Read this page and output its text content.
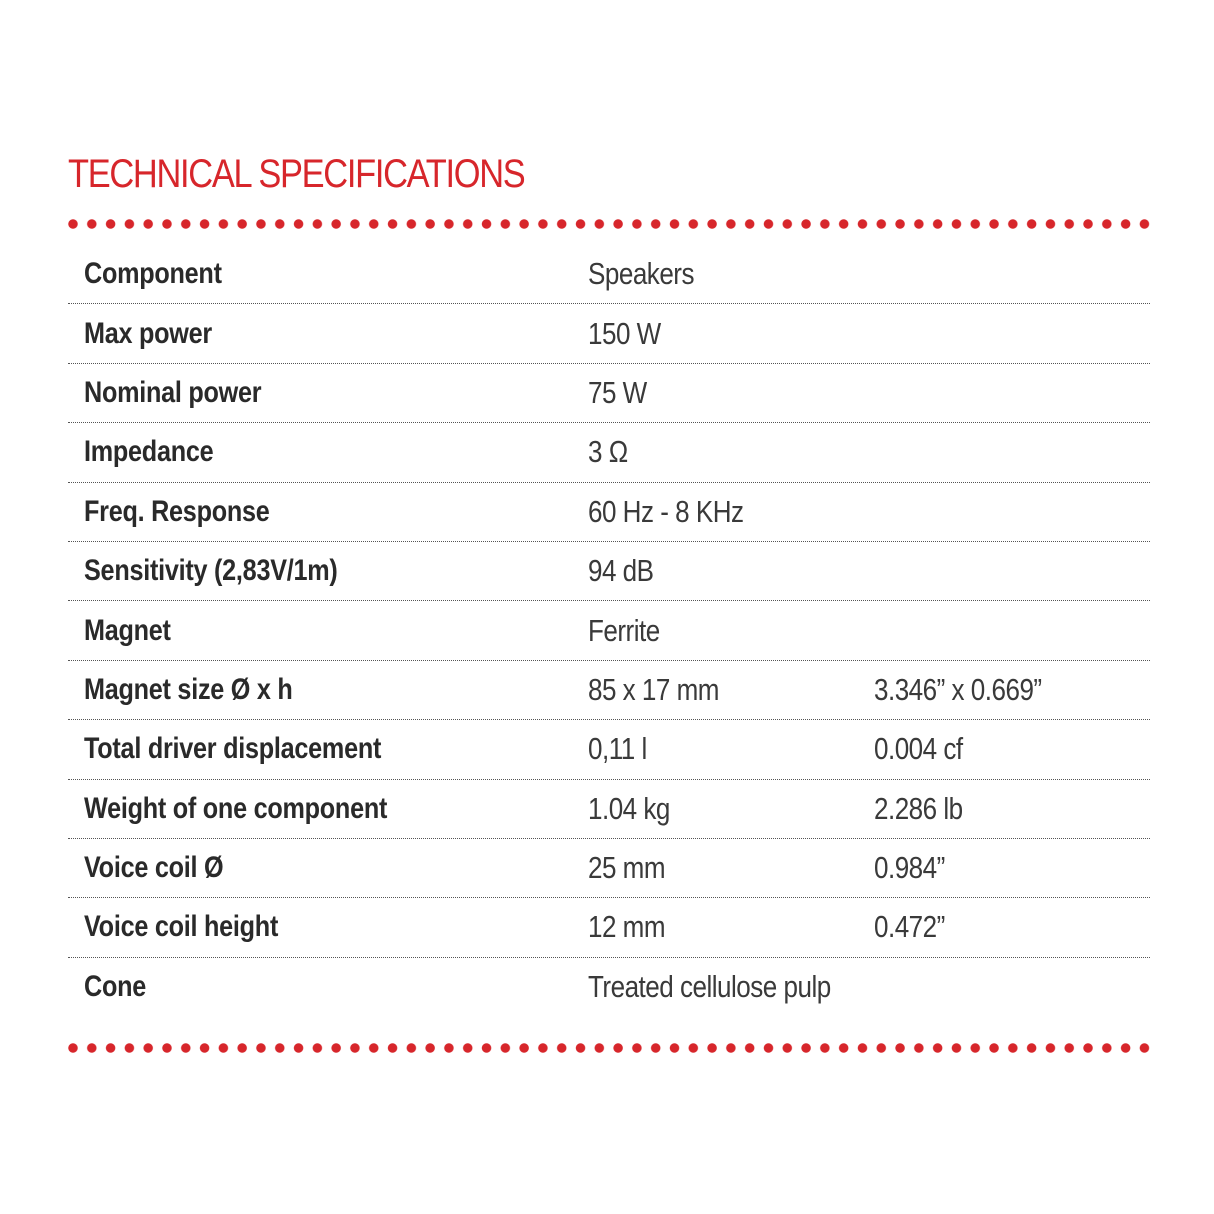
TECHNICAL SPECIFICATIONS
Component	Speakers
Max power	150 W
Nominal power	75 W
Impedance	3 Ω
Freq. Response	60 Hz - 8 KHz
Sensitivity (2,83V/1m)	94 dB
Magnet	Ferrite
Magnet size Ø x h	85 x 17 mm	3.346” x 0.669”
Total driver displacement	0,11 l	0.004 cf
Weight of one component	1.04 kg	2.286 lb
Voice coil Ø	25 mm	0.984”
Voice coil height	12 mm	0.472”
Cone	Treated cellulose pulp
